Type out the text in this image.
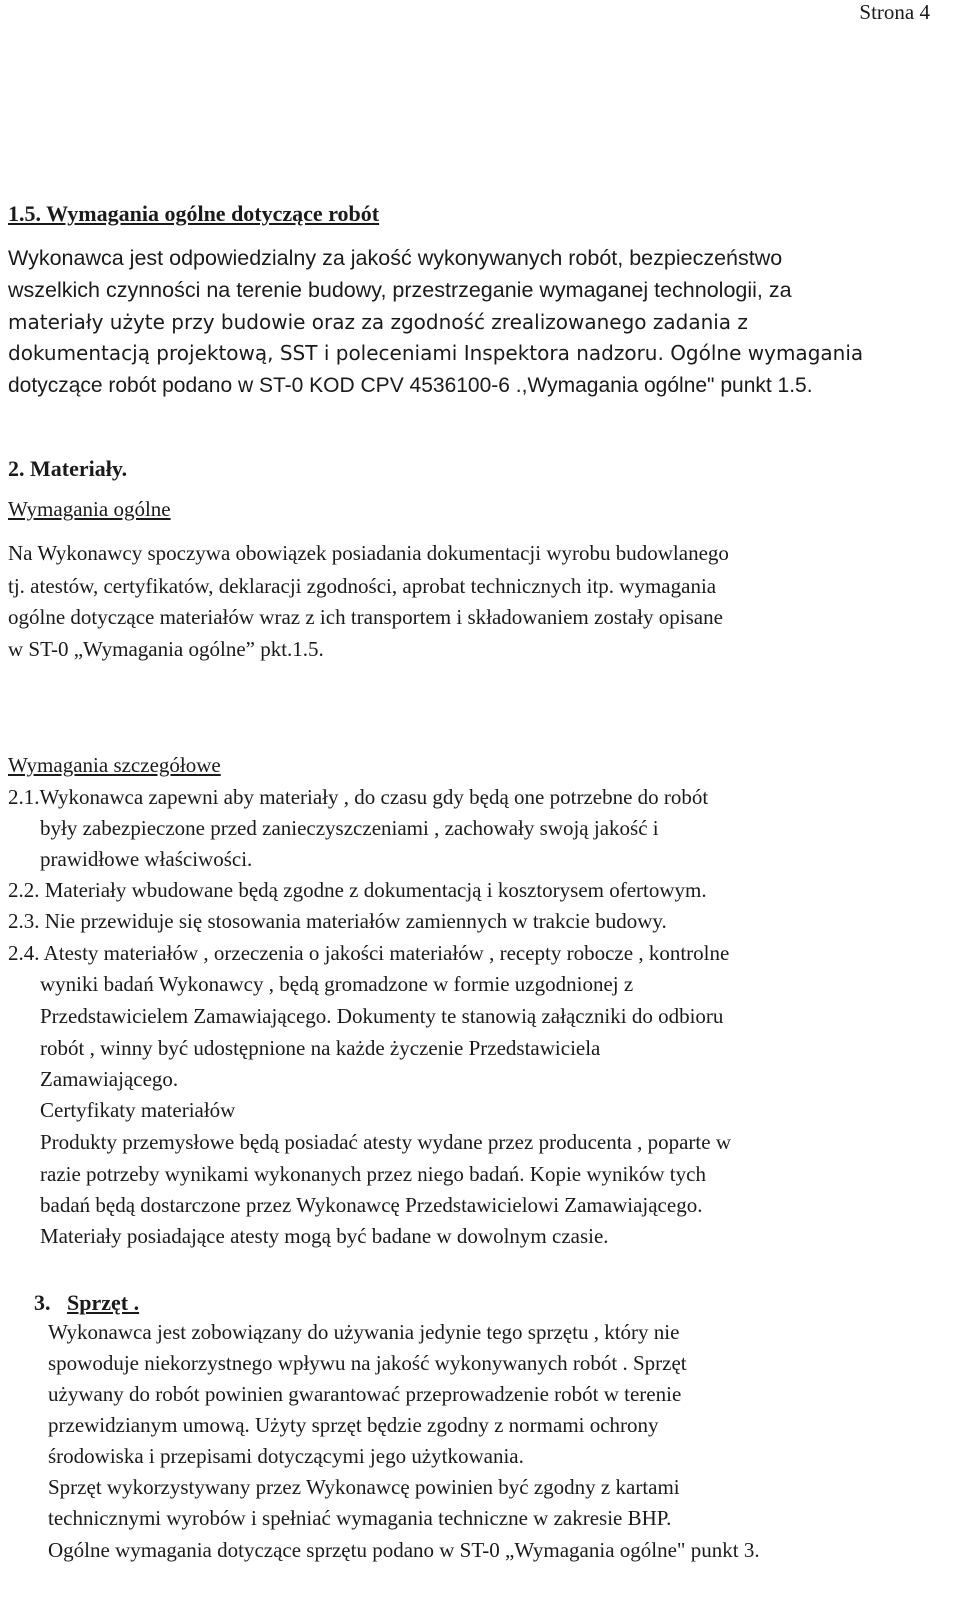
Strona 4
1.5. Wymagania ogólne dotyczące robót
Wykonawca jest odpowiedzialny za jakość wykonywanych robót, bezpieczeństwo
wszelkich czynności na terenie budowy, przestrzeganie wymaganej technologii, za
materiały użyte przy budowie oraz za zgodność zrealizowanego zadania z
dokumentacją projektową, SST i poleceniami Inspektora nadzoru. Ogólne wymagania
dotyczące robót podano w ST-0 KOD CPV 4536100-6 .,Wymagania ogólne" punkt 1.5.
2. Materiały.
Wymagania ogólne
Na Wykonawcy spoczywa obowiązek posiadania dokumentacji wyrobu budowlanego
tj. atestów, certyfikatów, deklaracji zgodności, aprobat technicznych itp. wymagania
ogólne dotyczące materiałów wraz z ich transportem i składowaniem zostały opisane
w ST-0 „Wymagania ogólne” pkt.1.5.
Wymagania szczegółowe
2.1.Wykonawca zapewni aby materiały , do czasu gdy będą one potrzebne do robót
były zabezpieczone przed zanieczyszczeniami , zachowały swoją jakość i
prawidłowe właściwości.
2.2. Materiały wbudowane będą zgodne z dokumentacją i kosztorysem ofertowym.
2.3. Nie przewiduje się stosowania materiałów zamiennych w trakcie budowy.
2.4. Atesty materiałów , orzeczenia o jakości materiałów , recepty robocze , kontrolne
wyniki badań Wykonawcy , będą gromadzone w formie uzgodnionej z
Przedstawicielem Zamawiającego. Dokumenty te stanowią załączniki do odbioru
robót , winny być udostępnione na każde życzenie Przedstawiciela
Zamawiającego.
Certyfikaty materiałów
Produkty przemysłowe będą posiadać atesty wydane przez producenta , poparte w
razie potrzeby wynikami wykonanych przez niego badań. Kopie wyników tych
badań będą dostarczone przez Wykonawcę Przedstawicielowi Zamawiającego.
Materiały posiadające atesty mogą być badane w dowolnym czasie.
3. Sprzęt .
Wykonawca jest zobowiązany do używania jedynie tego sprzętu , który nie
spowoduje niekorzystnego wpływu na jakość wykonywanych robót . Sprzęt
używany do robót powinien gwarantować przeprowadzenie robót w terenie
przewidzianym umową. Użyty sprzęt będzie zgodny z normami ochrony
środowiska i przepisami dotyczącymi jego użytkowania.
Sprzęt wykorzystywany przez Wykonawcę powinien być zgodny z kartami
technicznymi wyrobów i spełniać wymagania techniczne w zakresie BHP.
Ogólne wymagania dotyczące sprzętu podano w ST-0 „Wymagania ogólne" punkt 3.
